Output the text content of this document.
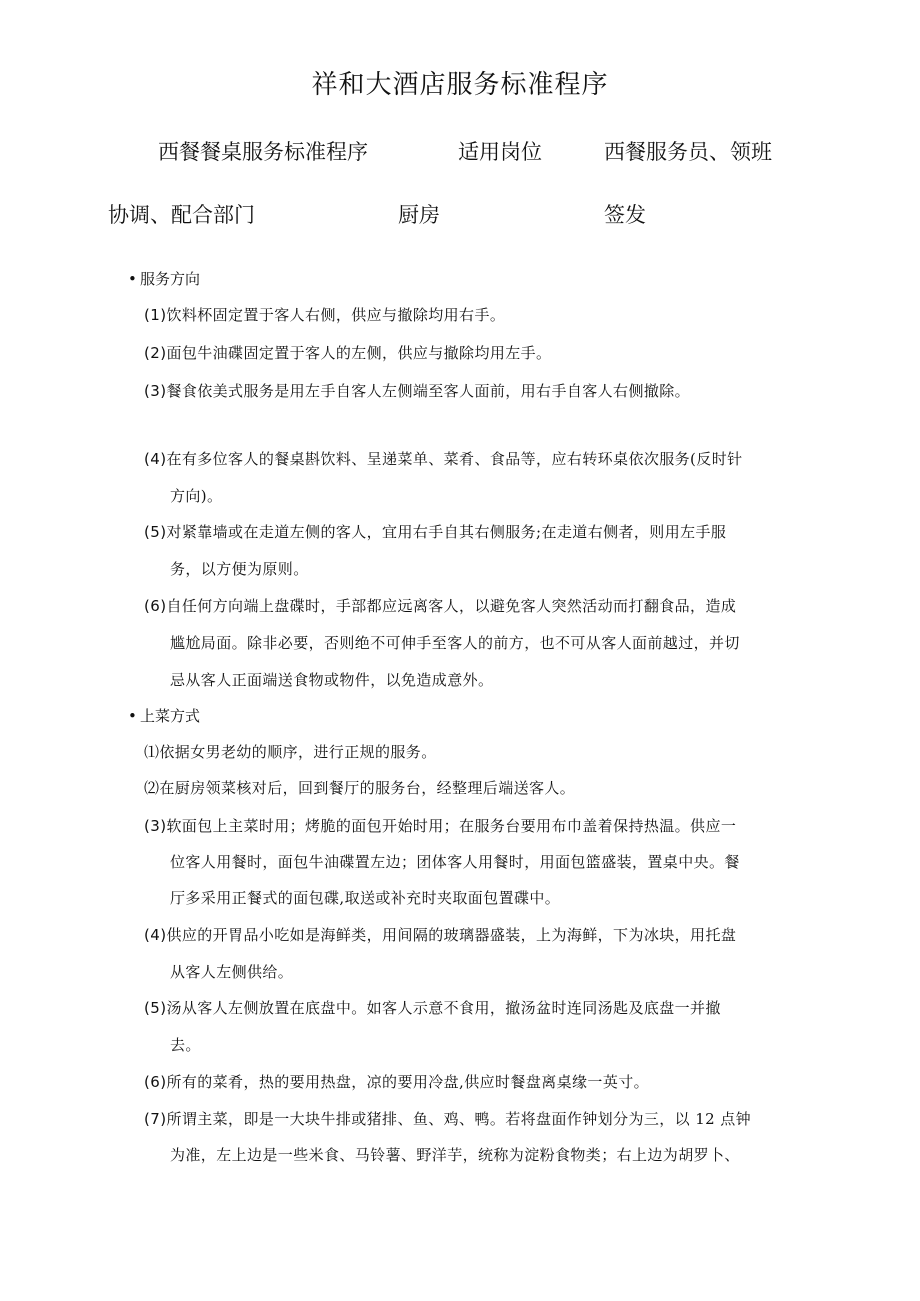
祥和大酒店服务标准程序
西餐餐桌服务标准程序	适用岗位	西餐服务员、领班
协调、配合部门	厨房	签发
• 服务方向
(1)饮料杯固定置于客人右侧，供应与撤除均用右手。
(2)面包牛油碟固定置于客人的左侧，供应与撤除均用左手。
(3)餐食依美式服务是用左手自客人左侧端至客人面前，用右手自客人右侧撤除。
(4)在有多位客人的餐桌斟饮料、呈递菜单、菜肴、食品等，应右转环桌依次服务(反时针
方向)。
(5)对紧靠墙或在走道左侧的客人，宜用右手自其右侧服务;在走道右侧者，则用左手服
务，以方便为原则。
(6)自任何方向端上盘碟时，手部都应远离客人，以避免客人突然活动而打翻食品，造成
尴尬局面。除非必要，否则绝不可伸手至客人的前方，也不可从客人面前越过，并切
忌从客人正面端送食物或物件，以免造成意外。
• 上菜方式
⑴依据女男老幼的顺序，进行正规的服务。
⑵在厨房领菜核对后，回到餐厅的服务台，经整理后端送客人。
(3)软面包上主菜时用；烤脆的面包开始时用；在服务台要用布巾盖着保持热温。供应一
位客人用餐时，面包牛油碟置左边；团体客人用餐时，用面包篮盛装，置桌中央。餐
厅多采用正餐式的面包碟,取送或补充时夹取面包置碟中。
(4)供应的开胃品小吃如是海鲜类，用间隔的玻璃器盛装，上为海鲜，下为冰块，用托盘
从客人左侧供给。
(5)汤从客人左侧放置在底盘中。如客人示意不食用，撤汤盆时连同汤匙及底盘一并撤
去。
(6)所有的菜肴，热的要用热盘，凉的要用冷盘,供应时餐盘离桌缘一英寸。
(7)所谓主菜，即是一大块牛排或猪排、鱼、鸡、鸭。若将盘面作钟划分为三，以 12 点钟
为准，左上边是一些米食、马铃薯、野洋芋，统称为淀粉食物类；右上边为胡罗卜、
